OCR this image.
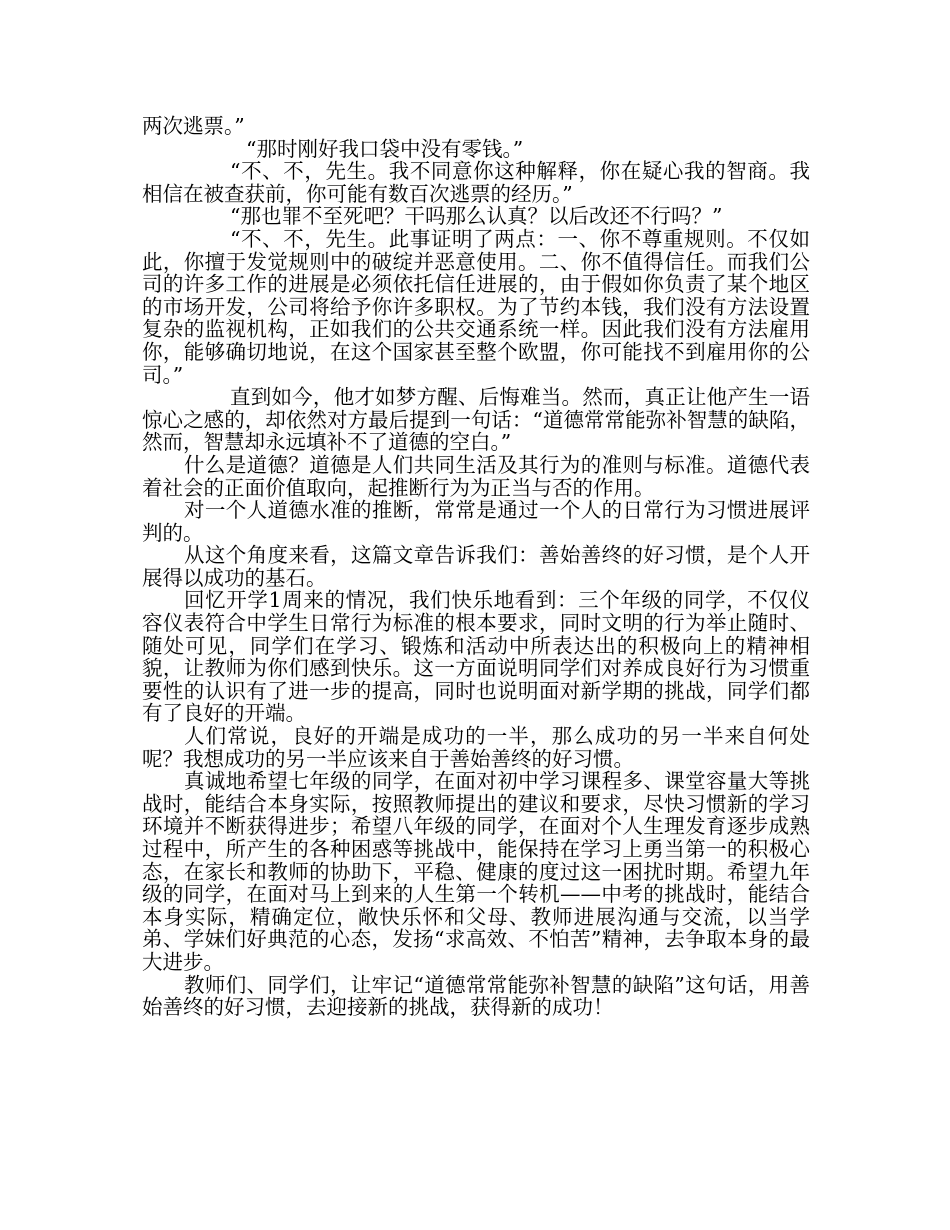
两次逃票。”

“那时刚好我口袋中没有零钱。”

“不、不，先生。我不同意你这种解释，你在疑心我的智商。我相信在被查获前，你可能有数百次逃票的经历。”

“那也罪不至死吧？干吗那么认真？以后改还不行吗？”

“不、不，先生。此事证明了两点：一、你不尊重规则。不仅如此，你擅于发觉规则中的破绽并恶意使用。二、你不值得信任。而我们公司的许多工作的进展是必须依托信任进展的，由于假如你负责了某个地区的市场开发，公司将给予你许多职权。为了节约本钱，我们没有方法设置复杂的监视机构，正如我们的公共交通系统一样。因此我们没有方法雇用你，能够确切地说，在这个国家甚至整个欧盟，你可能找不到雇用你的公司。”

直到如今，他才如梦方醒、后悔难当。然而，真正让他产生一语惊心之感的，却依然对方最后提到一句话：“道德常常能弥补智慧的缺陷，然而，智慧却永远填补不了道德的空白。”

什么是道德？道德是人们共同生活及其行为的准则与标准。道德代表着社会的正面价值取向，起推断行为为正当与否的作用。

对一个人道德水准的推断，常常是通过一个人的日常行为习惯进展评判的。

从这个角度来看，这篇文章告诉我们：善始善终的好习惯，是个人开展得以成功的基石。

回忆开学1周来的情况，我们快乐地看到：三个年级的同学，不仅仪容仪表符合中学生日常行为标准的根本要求，同时文明的行为举止随时、随处可见，同学们在学习、锻炼和活动中所表达出的积极向上的精神相貌，让教师为你们感到快乐。这一方面说明同学们对养成良好行为习惯重要性的认识有了进一步的提高，同时也说明面对新学期的挑战，同学们都有了良好的开端。

人们常说，良好的开端是成功的一半，那么成功的另一半来自何处呢？我想成功的另一半应该来自于善始善终的好习惯。

真诚地希望七年级的同学，在面对初中学习课程多、课堂容量大等挑战时，能结合本身实际，按照教师提出的建议和要求，尽快习惯新的学习环境并不断获得进步；希望八年级的同学，在面对个人生理发育逐步成熟过程中，所产生的各种困惑等挑战中，能保持在学习上勇当第一的积极心态，在家长和教师的协助下，平稳、健康的度过这一困扰时期。希望九年级的同学，在面对马上到来的人生第一个转机——中考的挑战时，能结合本身实际，精确定位，敞快乐怀和父母、教师进展沟通与交流，以当学弟、学妹们好典范的心态，发扬“求高效、不怕苦”精神，去争取本身的最大进步。

教师们、同学们，让牢记“道德常常能弥补智慧的缺陷”这句话，用善始善终的好习惯，去迎接新的挑战，获得新的成功！
